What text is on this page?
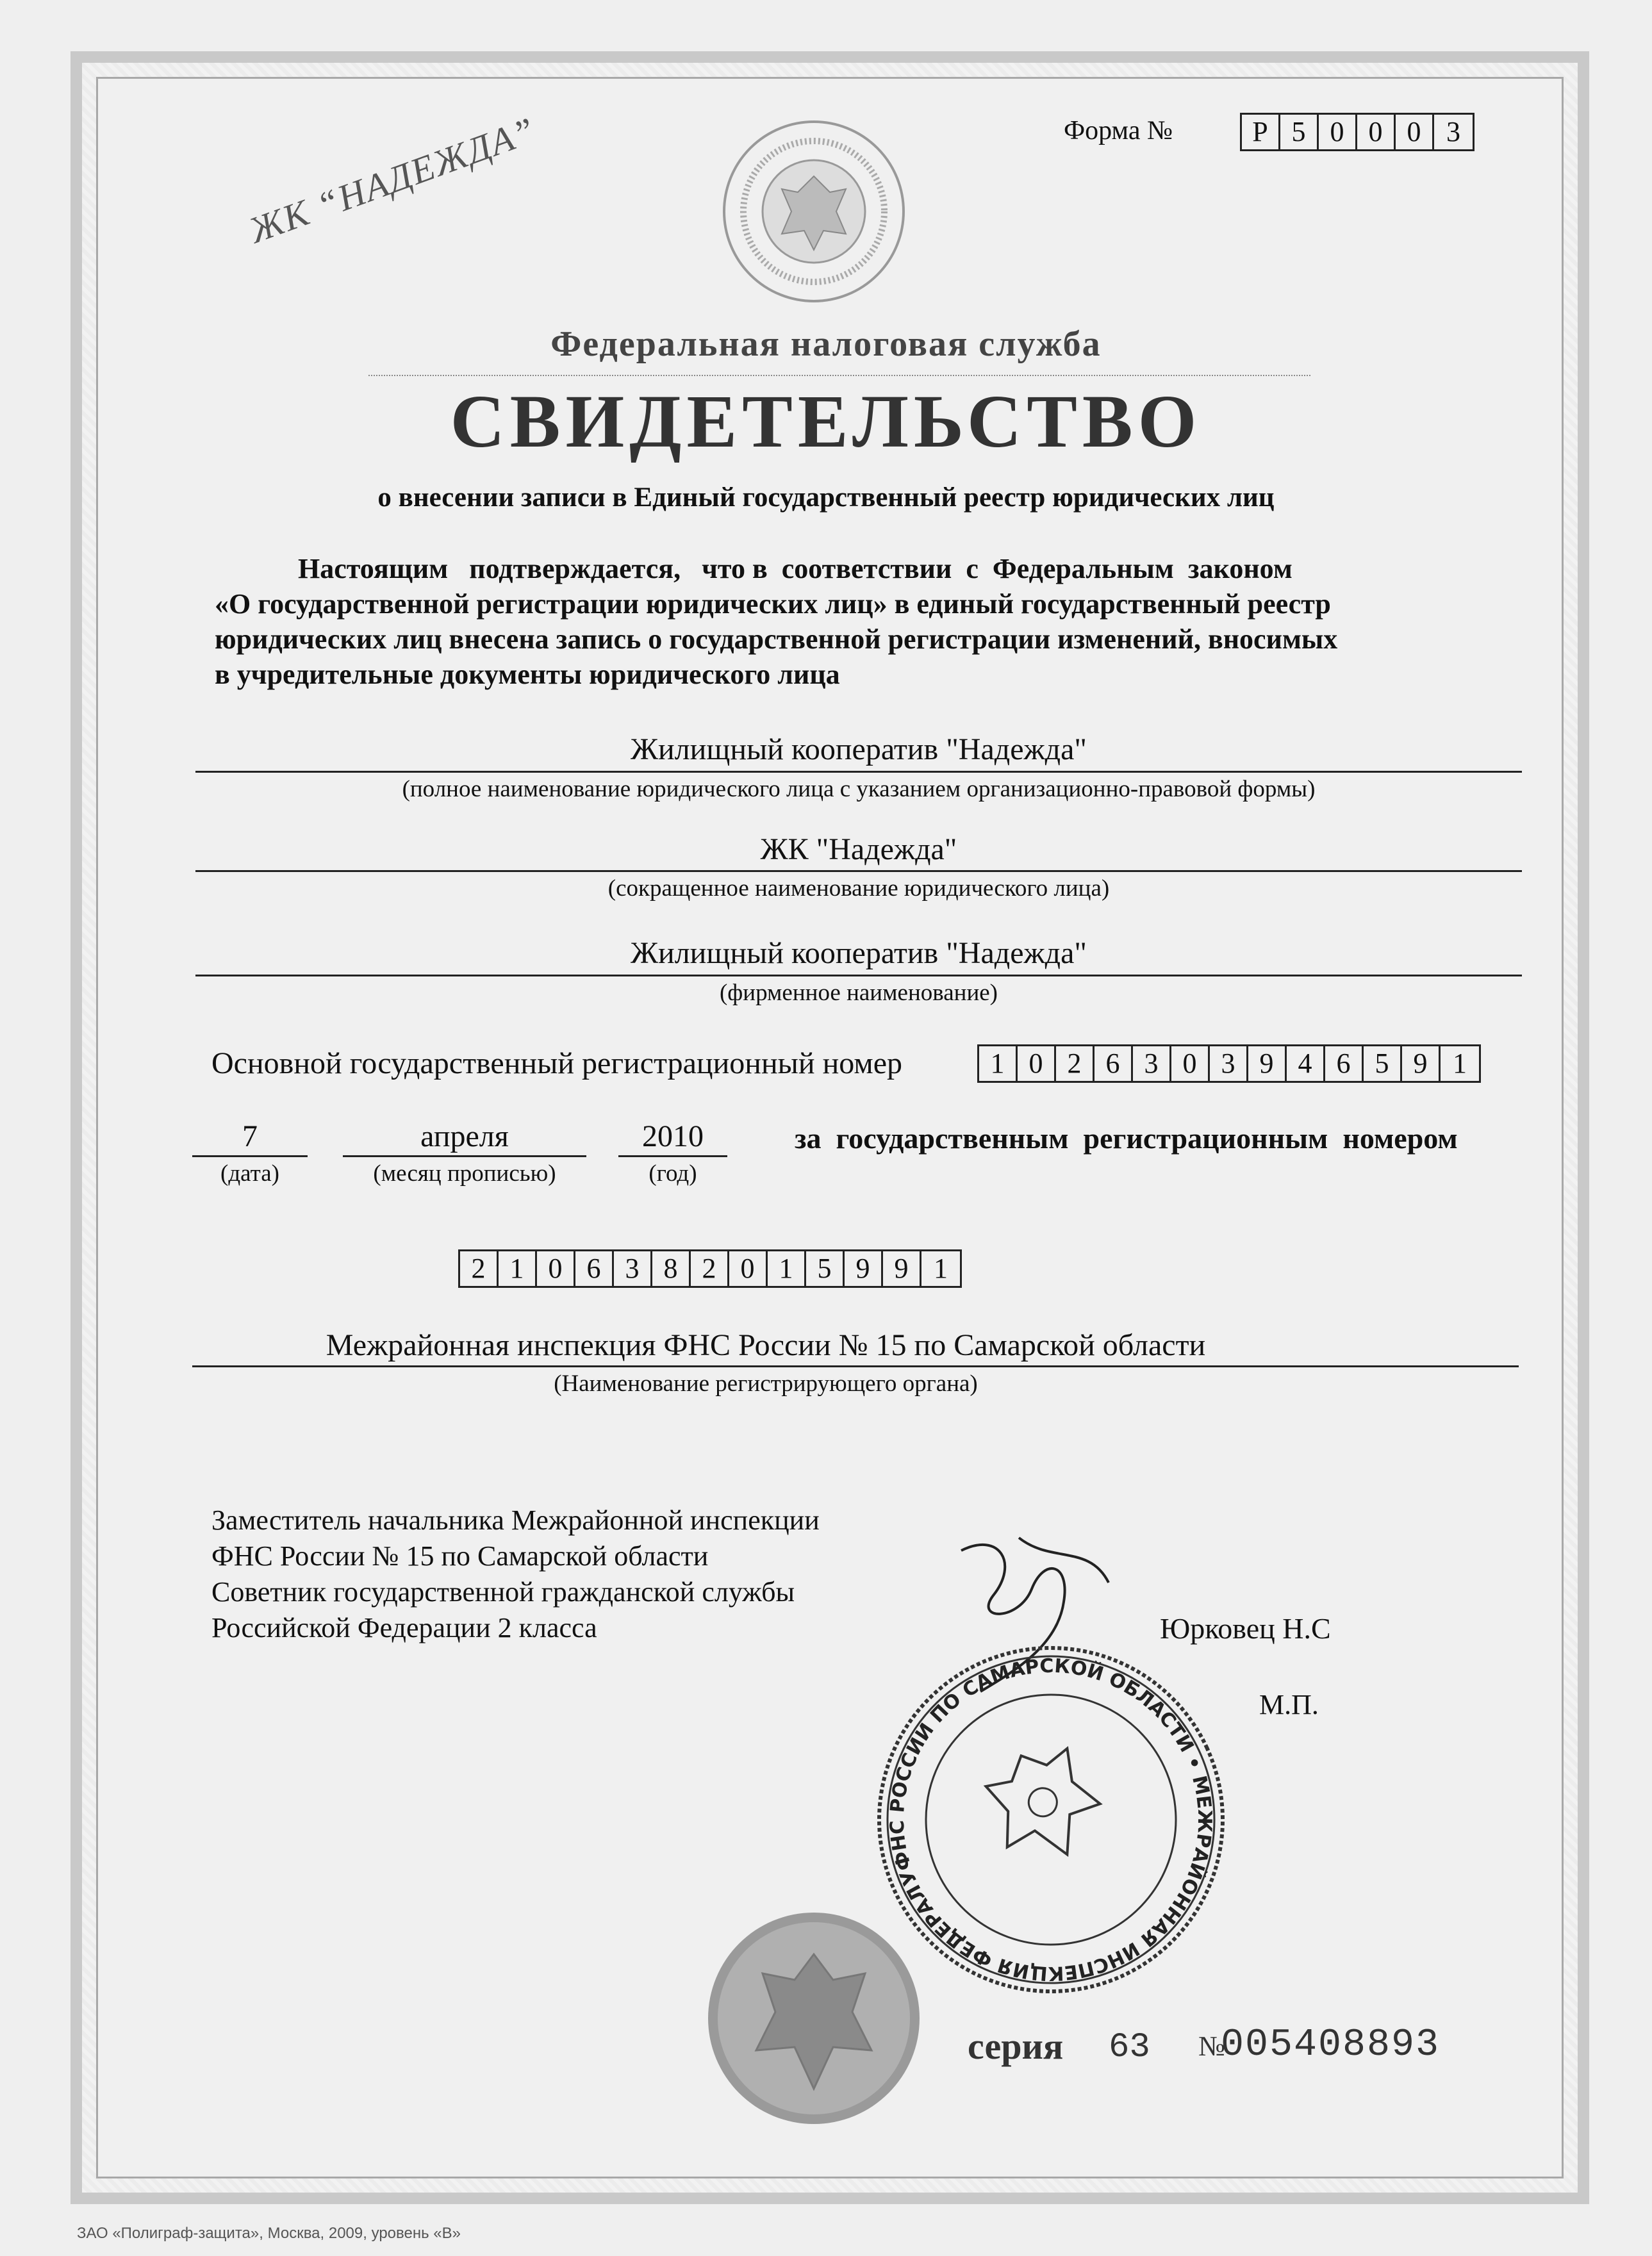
ЖК “НАДЕЖДА”	Форма №	Р 5 0 0 0 3
Федеральная налоговая служба
СВИДЕТЕЛЬСТВО
о внесении записи в Единый государственный реестр юридических лиц
Настоящим   подтверждается,   что в  соответствии  с  Федеральным  законом
«О государственной регистрации юридических лиц» в единый государственный реестр
юридических лиц внесена запись о государственной регистрации изменений, вносимых
в учредительные документы юридического лица
Жилищный кооператив "Надежда"
(полное наименование юридического лица с указанием организационно-правовой формы)
ЖК "Надежда"
(сокращенное наименование юридического лица)
Жилищный кооператив "Надежда"
(фирменное наименование)
Основной государственный регистрационный номер	1 0 2 6 3 0 3 9 4 6 5 9 1
7
(дата)
апреля
(месяц прописью)
2010
(год)
за  государственным  регистрационным  номером
2 1 0 6 3 8 2 0 1 5 9 9 1
Межрайонная инспекция ФНС России № 15 по Самарской области
(Наименование регистрирующего органа)
Заместитель начальника Межрайонной инспекции
ФНС России № 15 по Самарской области
Советник государственной гражданской службы
Российской Федерации 2 класса	Юрковец Н.С
М.П.
УФНС РОССИИ ПО САМАРСКОЙ ОБЛАСТИ • МЕЖРАЙОННАЯ ИНСПЕКЦИЯ ФЕДЕРАЛЬНОЙ
серия 63 №
005408893
ЗАО «Полиграф-защита», Москва, 2009, уровень «В»
